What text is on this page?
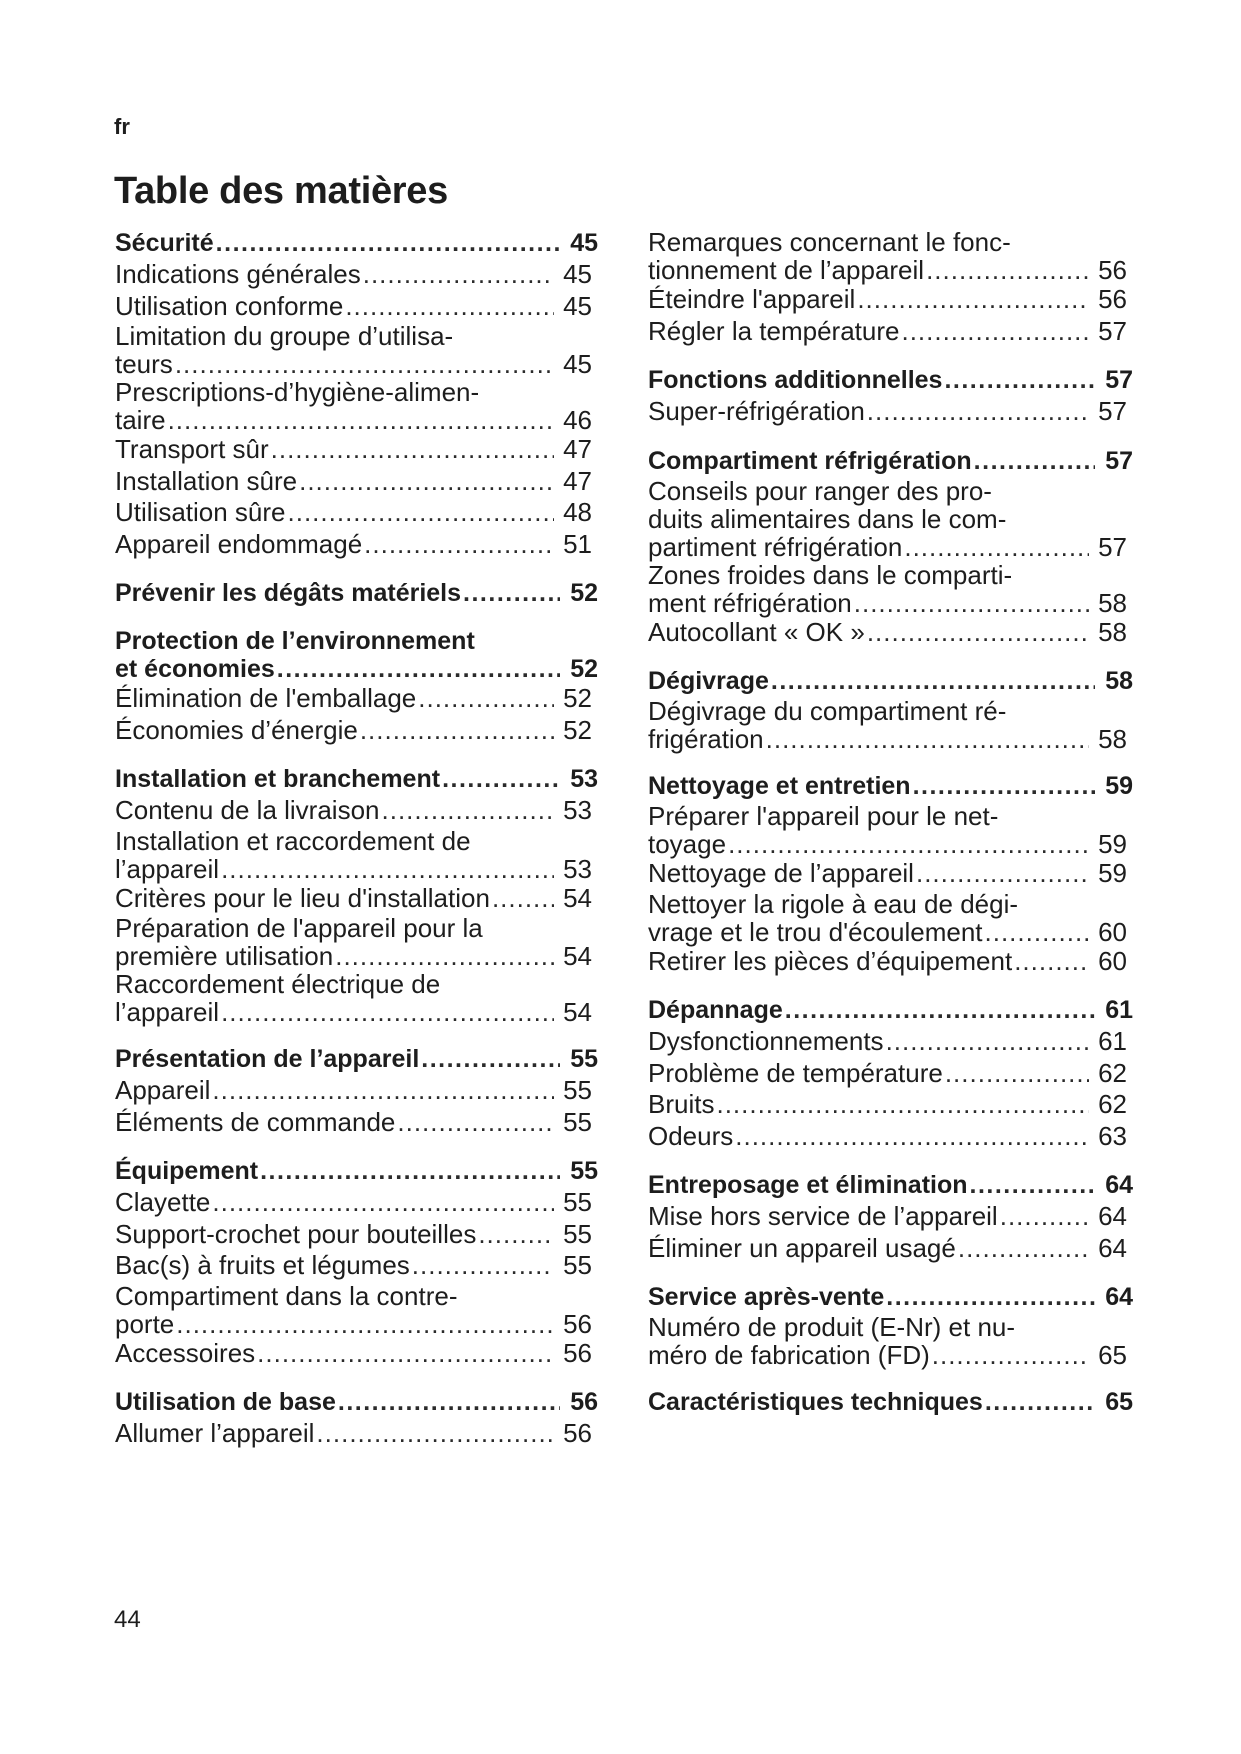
fr
Table des matières
Sécurité .....	45
Indications générales .....	45
Utilisation conforme .....	45
Limitation du groupe d’utilisa-
teurs .....	45
Prescriptions-d’hygiène-alimen-
taire .....	46
Transport sûr .....	47
Installation sûre .....	47
Utilisation sûre .....	48
Appareil endommagé .....	51
Prévenir les dégâts matériels .....	52
Protection de l’environnement
et économies .....	52
Élimination de l'emballage .....	52
Économies d’énergie .....	52
Installation et branchement .....	53
Contenu de la livraison .....	53
Installation et raccordement de
l’appareil .....	53
Critères pour le lieu d'installation .....	54
Préparation de l'appareil pour la
première utilisation .....	54
Raccordement électrique de
l’appareil .....	54
Présentation de l’appareil .....	55
Appareil .....	55
Éléments de commande .....	55
Équipement .....	55
Clayette .....	55
Support-crochet pour bouteilles .....	55
Bac(s) à fruits et légumes .....	55
Compartiment dans la contre-
porte .....	56
Accessoires .....	56
Utilisation de base .....	56
Allumer l’appareil .....	56
Remarques concernant le fonc-
tionnement de l’appareil .....	56
Éteindre l'appareil .....	56
Régler la température .....	57
Fonctions additionnelles .....	57
Super-réfrigération .....	57
Compartiment réfrigération .....	57
Conseils pour ranger des pro-
duits alimentaires dans le com-
partiment réfrigération .....	57
Zones froides dans le comparti-
ment réfrigération .....	58
Autocollant « OK » .....	58
Dégivrage .....	58
Dégivrage du compartiment ré-
frigération .....	58
Nettoyage et entretien .....	59
Préparer l'appareil pour le net-
toyage .....	59
Nettoyage de l’appareil .....	59
Nettoyer la rigole à eau de dégi-
vrage et le trou d'écoulement .....	60
Retirer les pièces d’équipement .....	60
Dépannage .....	61
Dysfonctionnements .....	61
Problème de température .....	62
Bruits .....	62
Odeurs .....	63
Entreposage et élimination .....	64
Mise hors service de l’appareil .....	64
Éliminer un appareil usagé .....	64
Service après-vente .....	64
Numéro de produit (E-Nr) et nu-
méro de fabrication (FD) .....	65
Caractéristiques techniques .....	65
44
